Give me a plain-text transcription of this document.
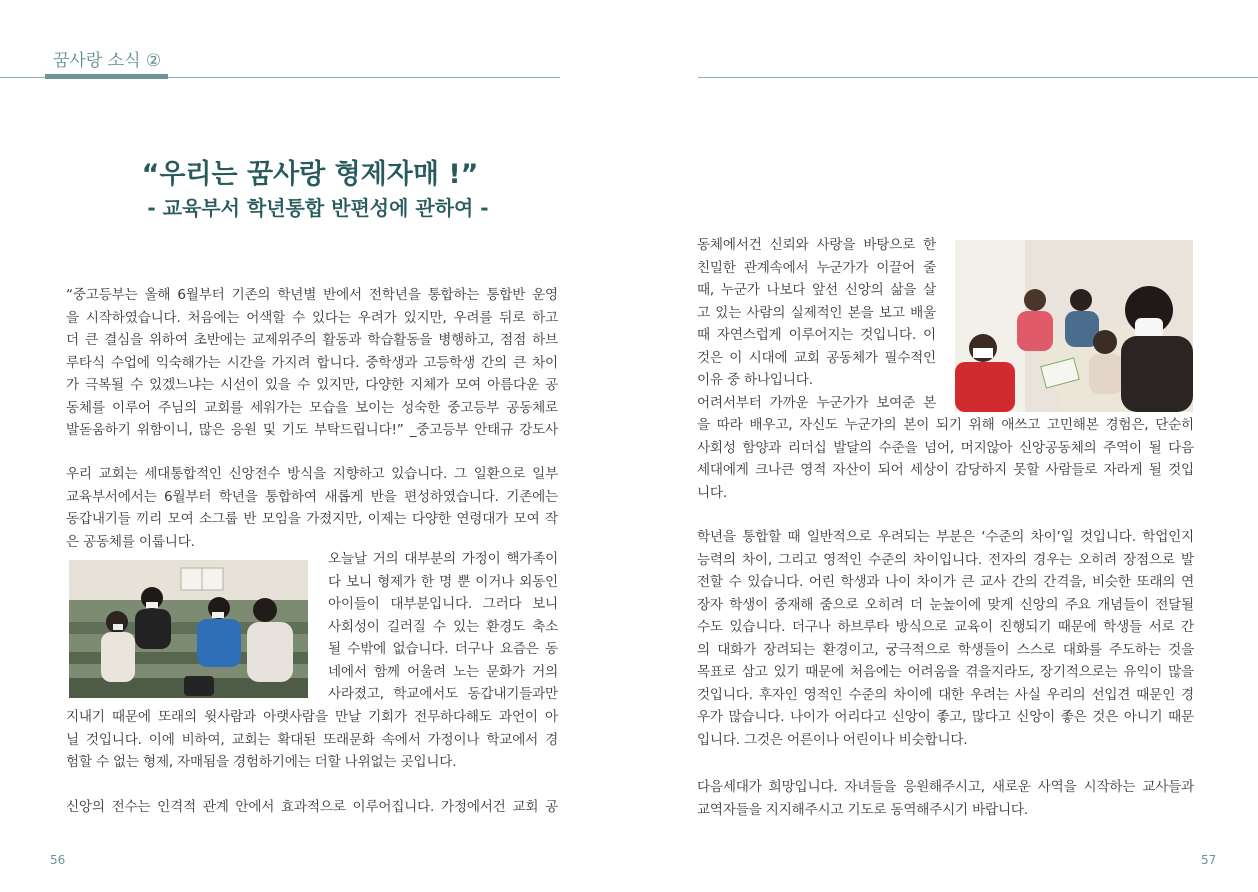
꿈사랑 소식 ②
“우리는 꿈사랑 형제자매 !”
- 교육부서 학년통합 반편성에 관하여 -
“중고등부는 올해 6월부터 기존의 학년별 반에서 전학년을 통합하는 통합반 운영
을 시작하였습니다. 처음에는 어색할 수 있다는 우려가 있지만, 우려를 뒤로 하고
더 큰 결심을 위하여 초반에는 교제위주의 활동과 학습활동을 병행하고, 점점 하브
루타식 수업에 익숙해가는 시간을 가지려 합니다. 중학생과 고등학생 간의 큰 차이
가 극복될 수 있겠느냐는 시선이 있을 수 있지만, 다양한 지체가 모여 아름다운 공
동체를 이루어 주님의 교회를 세워가는 모습을 보이는 성숙한 중고등부 공동체로
발돋움하기 위함이니, 많은 응원 및 기도 부탁드립니다!” _중고등부 안태규 강도사
우리 교회는 세대통합적인 신앙전수 방식을 지향하고 있습니다. 그 일환으로 일부
교육부서에서는 6월부터 학년을 통합하여 새롭게 반을 편성하였습니다. 기존에는
동갑내기들 끼리 모여 소그룹 반 모임을 가졌지만, 이제는 다양한 연령대가 모여 작
은 공동체를 이룹니다.
오늘날 거의 대부분의 가정이 핵가족이
다 보니 형제가 한 명 뿐 이거나 외동인
아이들이 대부분입니다. 그러다 보니
사회성이 길러질 수 있는 환경도 축소
될 수밖에 없습니다. 더구나 요즘은 동
네에서 함께 어울려 노는 문화가 거의
사라졌고, 학교에서도 동갑내기들과만
지내기 때문에 또래의 윗사람과 아랫사람을 만날 기회가 전무하다해도 과언이 아
닐 것입니다. 이에 비하여, 교회는 확대된 또래문화 속에서 가정이나 학교에서 경
험할 수 없는 형제, 자매됨을 경험하기에는 더할 나위없는 곳입니다.
신앙의 전수는 인격적 관계 안에서 효과적으로 이루어집니다. 가정에서건 교회 공
56
동체에서건 신뢰와 사랑을 바탕으로 한
친밀한 관계속에서 누군가가 이끌어 줄
때, 누군가 나보다 앞선 신앙의 삶을 살
고 있는 사람의 실제적인 본을 보고 배울
때 자연스럽게 이루어지는 것입니다. 이
것은 이 시대에 교회 공동체가 필수적인
이유 중 하나입니다.
어려서부터 가까운 누군가가 보여준 본
을 따라 배우고, 자신도 누군가의 본이 되기 위해 애쓰고 고민해본 경험은, 단순히
사회성 함양과 리더십 발달의 수준을 넘어, 머지않아 신앙공동체의 주역이 될 다음
세대에게 크나큰 영적 자산이 되어 세상이 감당하지 못할 사람들로 자라게 될 것입
니다.
학년을 통합할 때 일반적으로 우려되는 부분은 ‘수준의 차이’일 것입니다. 학업인지
능력의 차이, 그리고 영적인 수준의 차이입니다. 전자의 경우는 오히려 장점으로 발
전할 수 있습니다. 어린 학생과 나이 차이가 큰 교사 간의 간격을, 비슷한 또래의 연
장자 학생이 중재해 줌으로 오히려 더 눈높이에 맞게 신앙의 주요 개념들이 전달될
수도 있습니다. 더구나 하브루타 방식으로 교육이 진행되기 때문에 학생들 서로 간
의 대화가 장려되는 환경이고, 궁극적으로 학생들이 스스로 대화를 주도하는 것을
목표로 삼고 있기 때문에 처음에는 어려움을 겪을지라도, 장기적으로는 유익이 많을
것입니다. 후자인 영적인 수준의 차이에 대한 우려는 사실 우리의 선입견 때문인 경
우가 많습니다. 나이가 어리다고 신앙이 좋고, 많다고 신앙이 좋은 것은 아니기 때문
입니다. 그것은 어른이나 어린이나 비슷합니다.
다음세대가 희망입니다. 자녀들을 응원해주시고, 새로운 사역을 시작하는 교사들과
교역자들을 지지해주시고 기도로 동역해주시기 바랍니다.
57
